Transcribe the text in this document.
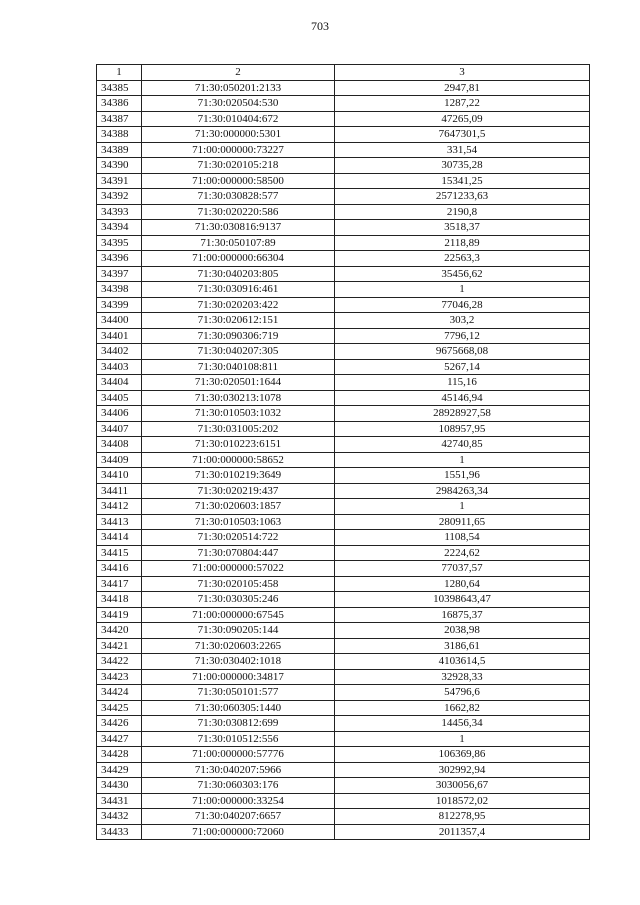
703
1	2	3
34385	71:30:050201:2133	2947,81
34386	71:30:020504:530	1287,22
34387	71:30:010404:672	47265,09
34388	71:30:000000:5301	7647301,5
34389	71:00:000000:73227	331,54
34390	71:30:020105:218	30735,28
34391	71:00:000000:58500	15341,25
34392	71:30:030828:577	2571233,63
34393	71:30:020220:586	2190,8
34394	71:30:030816:9137	3518,37
34395	71:30:050107:89	2118,89
34396	71:00:000000:66304	22563,3
34397	71:30:040203:805	35456,62
34398	71:30:030916:461	1
34399	71:30:020203:422	77046,28
34400	71:30:020612:151	303,2
34401	71:30:090306:719	7796,12
34402	71:30:040207:305	9675668,08
34403	71:30:040108:811	5267,14
34404	71:30:020501:1644	115,16
34405	71:30:030213:1078	45146,94
34406	71:30:010503:1032	28928927,58
34407	71:30:031005:202	108957,95
34408	71:30:010223:6151	42740,85
34409	71:00:000000:58652	1
34410	71:30:010219:3649	1551,96
34411	71:30:020219:437	2984263,34
34412	71:30:020603:1857	1
34413	71:30:010503:1063	280911,65
34414	71:30:020514:722	1108,54
34415	71:30:070804:447	2224,62
34416	71:00:000000:57022	77037,57
34417	71:30:020105:458	1280,64
34418	71:30:030305:246	10398643,47
34419	71:00:000000:67545	16875,37
34420	71:30:090205:144	2038,98
34421	71:30:020603:2265	3186,61
34422	71:30:030402:1018	4103614,5
34423	71:00:000000:34817	32928,33
34424	71:30:050101:577	54796,6
34425	71:30:060305:1440	1662,82
34426	71:30:030812:699	14456,34
34427	71:30:010512:556	1
34428	71:00:000000:57776	106369,86
34429	71:30:040207:5966	302992,94
34430	71:30:060303:176	3030056,67
34431	71:00:000000:33254	1018572,02
34432	71:30:040207:6657	812278,95
34433	71:00:000000:72060	2011357,4
